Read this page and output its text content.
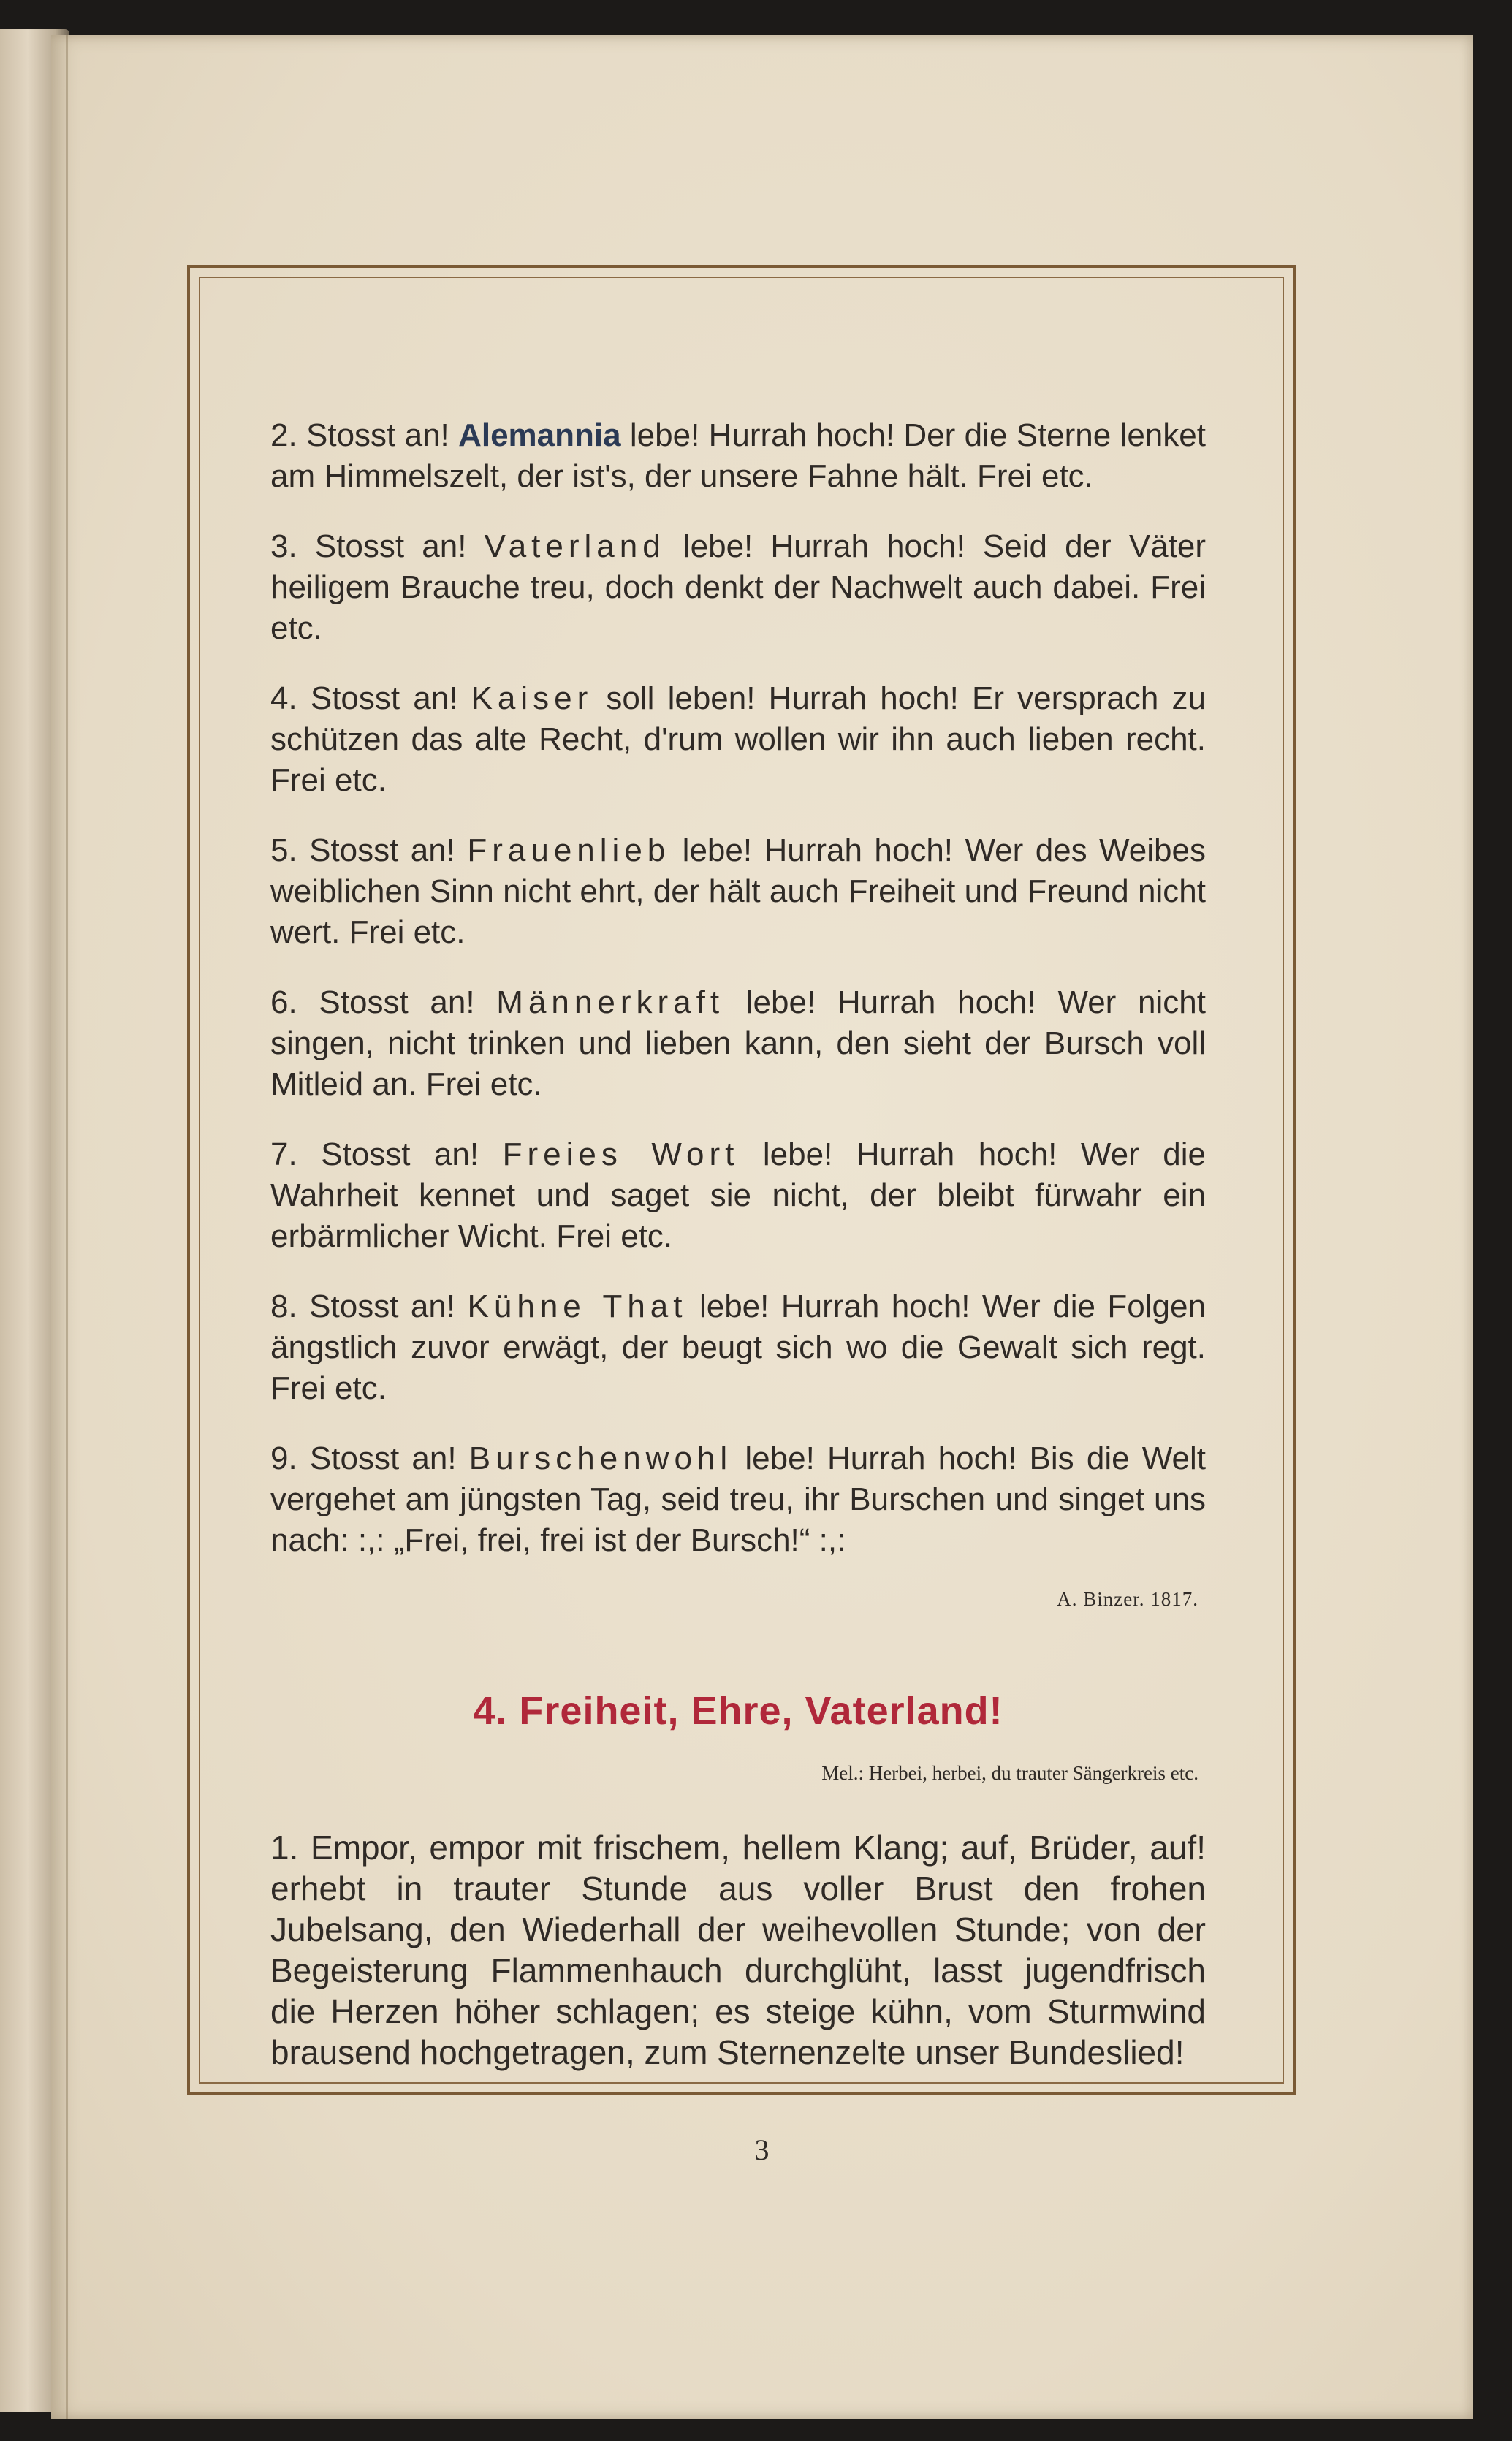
2. Stosst an! Alemannia lebe! Hurrah hoch! Der die Sterne lenket am Himmelszelt, der ist's, der unsere Fahne hält. Frei etc.

3. Stosst an! Vaterland lebe! Hurrah hoch! Seid der Väter heiligem Brauche treu, doch denkt der Nachwelt auch dabei. Frei etc.

4. Stosst an! Kaiser soll leben! Hurrah hoch! Er versprach zu schützen das alte Recht, d'rum wollen wir ihn auch lieben recht. Frei etc.

5. Stosst an! Frauenlieb lebe! Hurrah hoch! Wer des Weibes weiblichen Sinn nicht ehrt, der hält auch Freiheit und Freund nicht wert. Frei etc.

6. Stosst an! Männerkraft lebe! Hurrah hoch! Wer nicht singen, nicht trinken und lieben kann, den sieht der Bursch voll Mitleid an. Frei etc.

7. Stosst an! Freies Wort lebe! Hurrah hoch! Wer die Wahrheit kennet und saget sie nicht, der bleibt fürwahr ein erbärmlicher Wicht. Frei etc.

8. Stosst an! Kühne That lebe! Hurrah hoch! Wer die Folgen ängstlich zuvor erwägt, der beugt sich wo die Gewalt sich regt. Frei etc.

9. Stosst an! Burschenwohl lebe! Hurrah hoch! Bis die Welt vergehet am jüngsten Tag, seid treu, ihr Burschen und singet uns nach: :,: „Frei, frei, frei ist der Bursch!“ :,:

A. Binzer. 1817.
4. Freiheit, Ehre, Vaterland!
Mel.: Herbei, herbei, du trauter Sängerkreis etc.

1. Empor, empor mit frischem, hellem Klang; auf, Brüder, auf! erhebt in trauter Stunde aus voller Brust den frohen Jubelsang, den Wiederhall der weihevollen Stunde; von der Begeisterung Flammenhauch durchglüht, lasst jugendfrisch die Herzen höher schlagen; es steige kühn, vom Sturmwind brausend hochgetragen, zum Sternenzelte unser Bundeslied!

3
